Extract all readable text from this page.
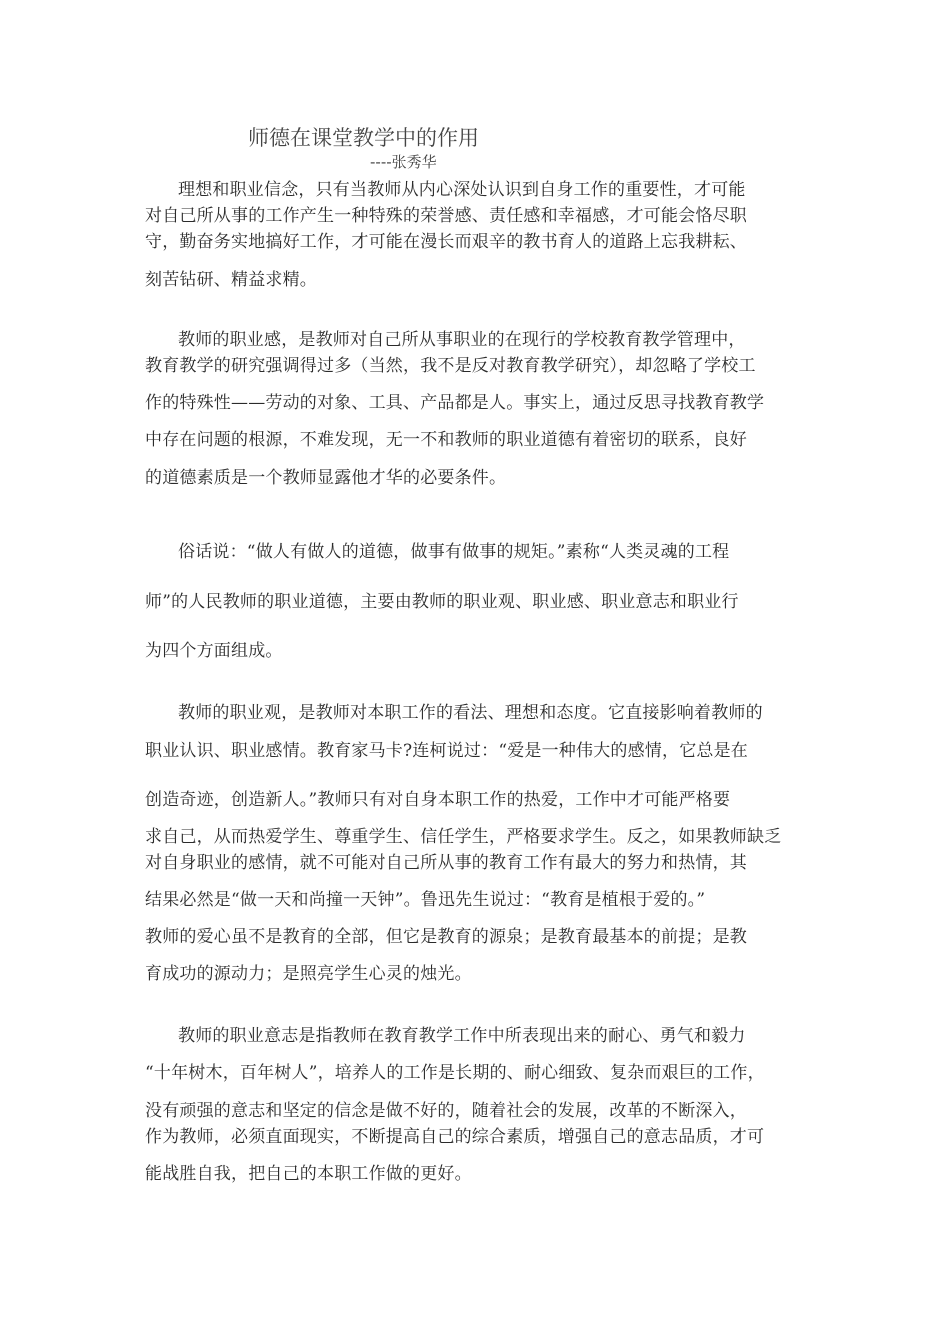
师德在课堂教学中的作用
----张秀华
理想和职业信念，只有当教师从内心深处认识到自身工作的重要性，才可能
对自己所从事的工作产生一种特殊的荣誉感、责任感和幸福感，才可能会恪尽职
守，勤奋务实地搞好工作，才可能在漫长而艰辛的教书育人的道路上忘我耕耘、
刻苦钻研、精益求精。
教师的职业感，是教师对自己所从事职业的在现行的学校教育教学管理中，
教育教学的研究强调得过多（当然，我不是反对教育教学研究），却忽略了学校工
作的特殊性——劳动的对象、工具、产品都是人。事实上，通过反思寻找教育教学
中存在问题的根源，不难发现，无一不和教师的职业道德有着密切的联系，良好
的道德素质是一个教师显露他才华的必要条件。
俗话说：“做人有做人的道德，做事有做事的规矩。”素称“人类灵魂的工程
师”的人民教师的职业道德，主要由教师的职业观、职业感、职业意志和职业行
为四个方面组成。
教师的职业观，是教师对本职工作的看法、理想和态度。它直接影响着教师的
职业认识、职业感情。教育家马卡?连柯说过：“爱是一种伟大的感情，它总是在
创造奇迹，创造新人。”教师只有对自身本职工作的热爱，工作中才可能严格要
求自己，从而热爱学生、尊重学生、信任学生，严格要求学生。反之，如果教师缺乏
对自身职业的感情，就不可能对自己所从事的教育工作有最大的努力和热情，其
结果必然是“做一天和尚撞一天钟”。鲁迅先生说过：“教育是植根于爱的。”
教师的爱心虽不是教育的全部，但它是教育的源泉；是教育最基本的前提；是教
育成功的源动力；是照亮学生心灵的烛光。
教师的职业意志是指教师在教育教学工作中所表现出来的耐心、勇气和毅力
“十年树木，百年树人”，培养人的工作是长期的、耐心细致、复杂而艰巨的工作，
没有顽强的意志和坚定的信念是做不好的，随着社会的发展，改革的不断深入，
作为教师，必须直面现实，不断提高自己的综合素质，增强自己的意志品质，才可
能战胜自我，把自己的本职工作做的更好。
